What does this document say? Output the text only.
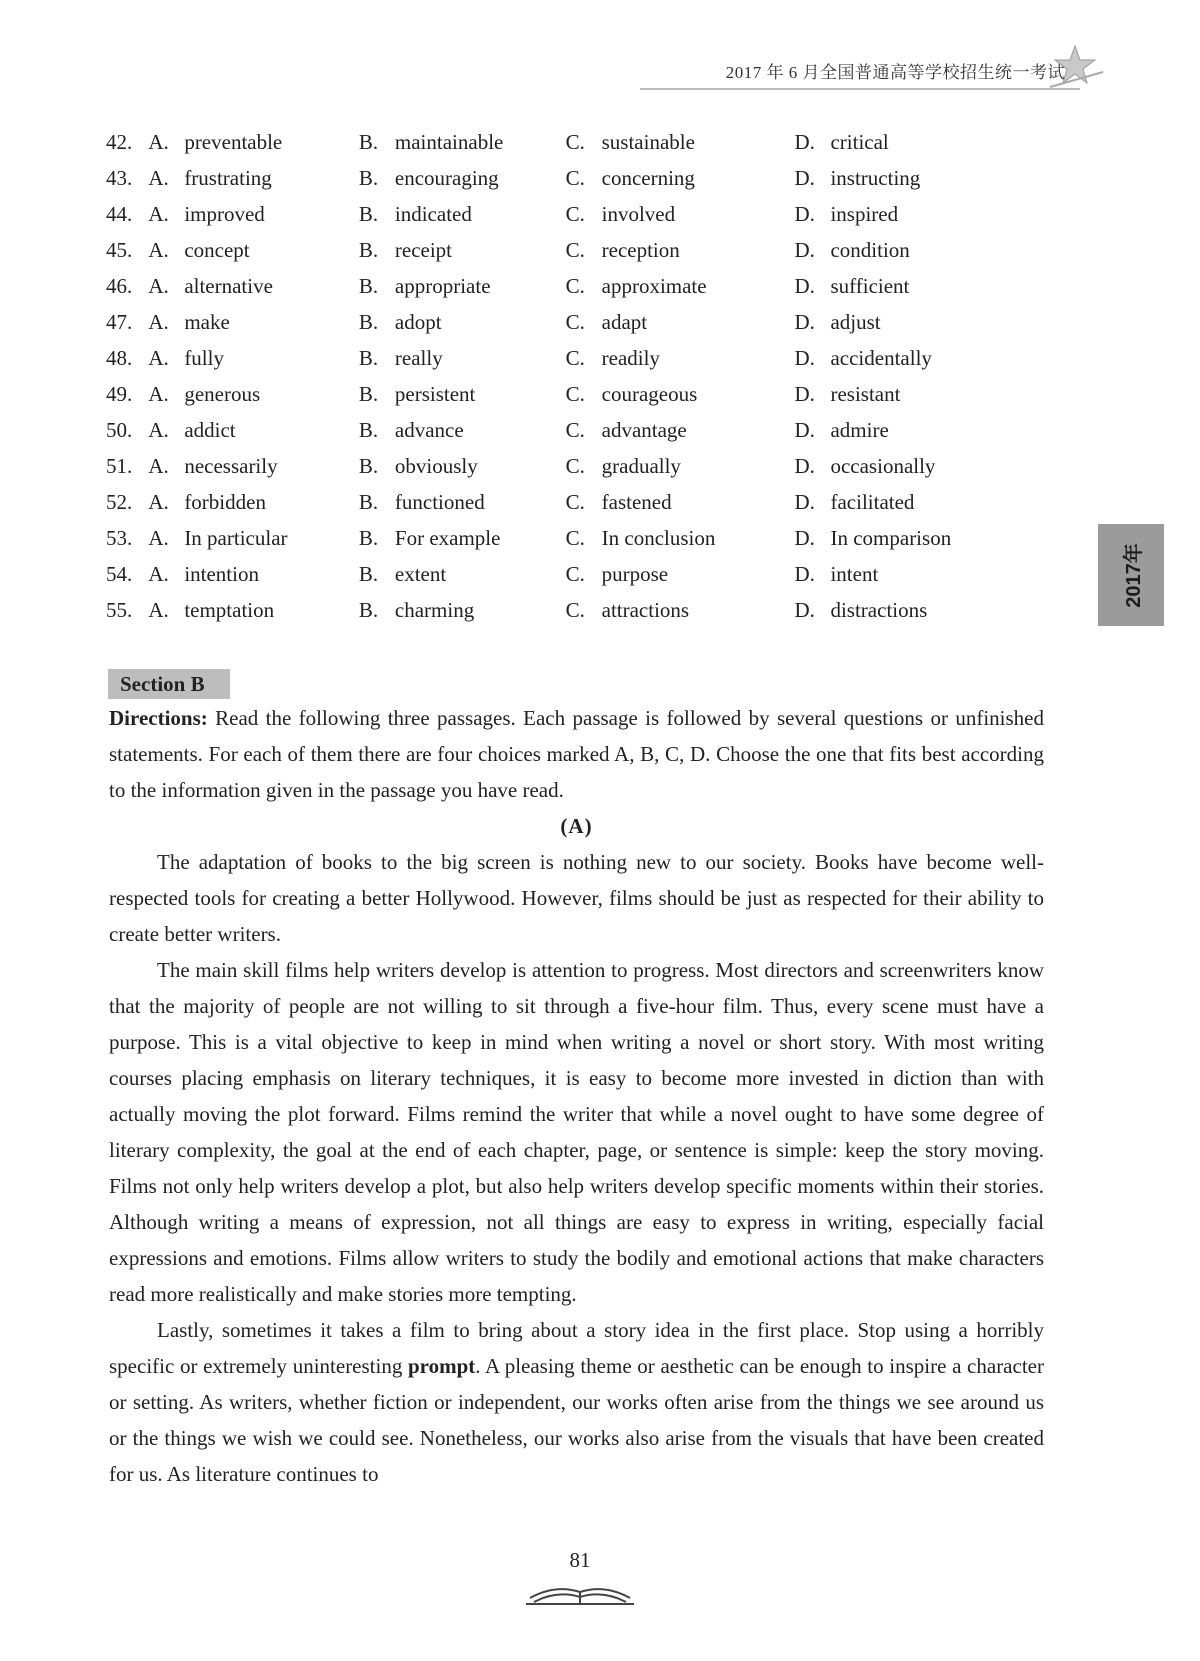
2017 年 6 月全国普通高等学校招生统一考试
42. A. preventable	B. maintainable	C. sustainable	D. critical
43. A. frustrating	B. encouraging	C. concerning	D. instructing
44. A. improved	B. indicated	C. involved	D. inspired
45. A. concept	B. receipt	C. reception	D. condition
46. A. alternative	B. appropriate	C. approximate	D. sufficient
47. A. make	B. adopt	C. adapt	D. adjust
48. A. fully	B. really	C. readily	D. accidentally
49. A. generous	B. persistent	C. courageous	D. resistant
50. A. addict	B. advance	C. advantage	D. admire
51. A. necessarily	B. obviously	C. gradually	D. occasionally
52. A. forbidden	B. functioned	C. fastened	D. facilitated
53. A. In particular	B. For example	C. In conclusion	D. In comparison
54. A. intention	B. extent	C. purpose	D. intent
55. A. temptation	B. charming	C. attractions	D. distractions
2017年
Section B

Directions: Read the following three passages. Each passage is followed by several questions or unfinished statements. For each of them there are four choices marked A, B, C, D. Choose the one that fits best according to the information given in the passage you have read.

(A)

The adaptation of books to the big screen is nothing new to our society. Books have become well-respected tools for creating a better Hollywood. However, films should be just as respected for their ability to create better writers.

The main skill films help writers develop is attention to progress. Most directors and screenwriters know that the majority of people are not willing to sit through a five-hour film. Thus, every scene must have a purpose. This is a vital objective to keep in mind when writing a novel or short story. With most writing courses placing emphasis on literary techniques, it is easy to become more invested in diction than with actually moving the plot forward. Films remind the writer that while a novel ought to have some degree of literary complexity, the goal at the end of each chapter, page, or sentence is simple: keep the story moving. Films not only help writers develop a plot, but also help writers develop specific moments within their stories. Although writing a means of expression, not all things are easy to express in writing, especially facial expressions and emotions. Films allow writers to study the bodily and emotional actions that make characters read more realistically and make stories more tempting.

Lastly, sometimes it takes a film to bring about a story idea in the first place. Stop using a horribly specific or extremely uninteresting prompt. A pleasing theme or aesthetic can be enough to inspire a character or setting. As writers, whether fiction or independent, our works often arise from the things we see around us or the things we wish we could see. Nonetheless, our works also arise from the visuals that have been created for us. As literature continues to

81
